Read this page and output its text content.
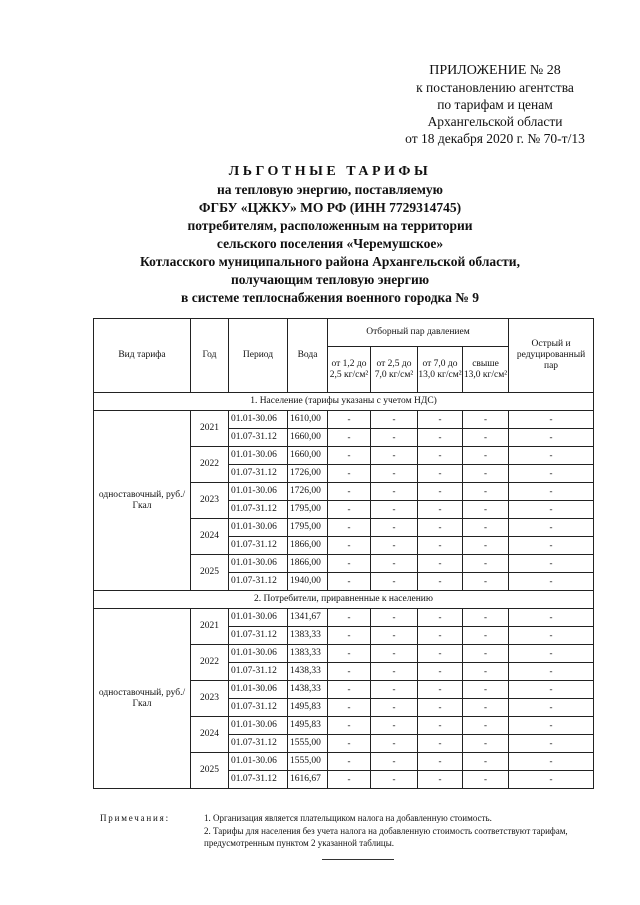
ПРИЛОЖЕНИЕ № 28
к постановлению агентства
по тарифам и ценам
Архангельской области
от 18 декабря 2020 г. № 70-т/13
ЛЬГОТНЫЕ ТАРИФЫ
на тепловую энергию, поставляемую
ФГБУ «ЦЖКУ» МО РФ (ИНН 7729314745)
потребителям, расположенным на территории
сельского поселения «Черемушское»
Котласского муниципального района Архангельской области,
получающим тепловую энергию
в системе теплоснабжения военного городка № 9
Вид тарифа	Год	Период	Вода	Отборный пар давлением				Острый и редуцированный пар
				от 1,2 до 2,5 кг/см²	от 2,5 до 7,0 кг/см²	от 7,0 до 13,0 кг/см²	свыше 13,0 кг/см²	
1. Население (тарифы указаны с учетом НДС)								
одноставочный, руб./Гкал	2021	01.01-30.06	1610,00	-	-	-	-	-
		01.07-31.12	1660,00	-	-	-	-	-
	2022	01.01-30.06	1660,00	-	-	-	-	-
		01.07-31.12	1726,00	-	-	-	-	-
	2023	01.01-30.06	1726,00	-	-	-	-	-
		01.07-31.12	1795,00	-	-	-	-	-
	2024	01.01-30.06	1795,00	-	-	-	-	-
		01.07-31.12	1866,00	-	-	-	-	-
	2025	01.01-30.06	1866,00	-	-	-	-	-
		01.07-31.12	1940,00	-	-	-	-	-
2. Потребители, приравненные к населению								
одноставочный, руб./Гкал	2021	01.01-30.06	1341,67	-	-	-	-	-
		01.07-31.12	1383,33	-	-	-	-	-
	2022	01.01-30.06	1383,33	-	-	-	-	-
		01.07-31.12	1438,33	-	-	-	-	-
	2023	01.01-30.06	1438,33	-	-	-	-	-
		01.07-31.12	1495,83	-	-	-	-	-
	2024	01.01-30.06	1495,83	-	-	-	-	-
		01.07-31.12	1555,00	-	-	-	-	-
	2025	01.01-30.06	1555,00	-	-	-	-	-
		01.07-31.12	1616,67	-	-	-	-	-
Примечания:	1. Организация является плательщиком налога на добавленную стоимость.
2. Тарифы для населения без учета налога на добавленную стоимость соответствуют тарифам, предусмотренным пунктом 2 указанной таблицы.
